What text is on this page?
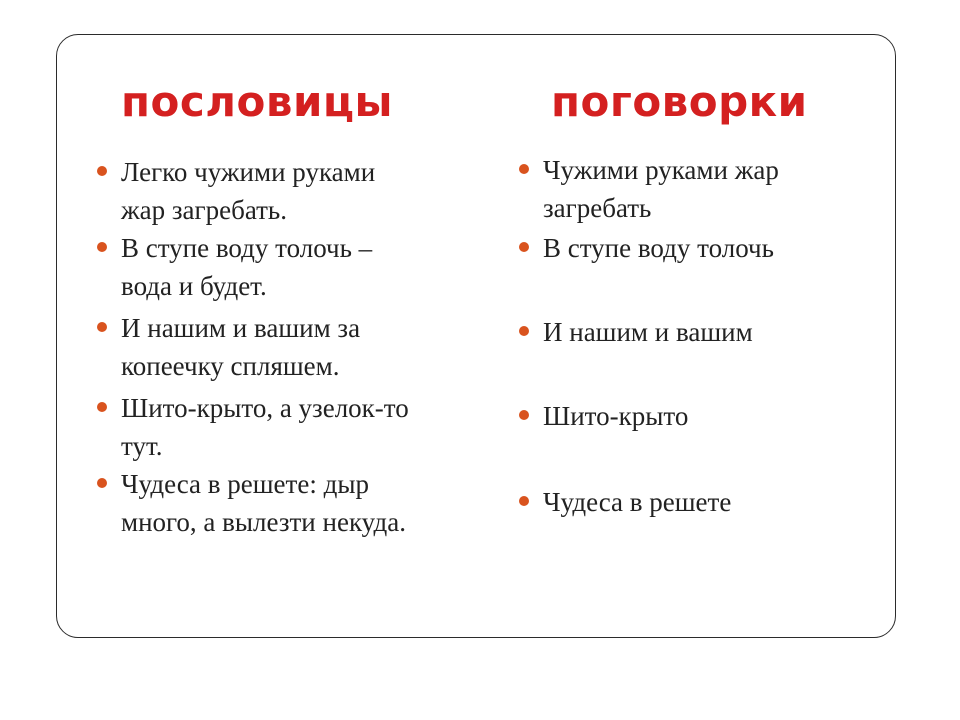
пословицы
Легко чужими руками
жар загребать.
В ступе воду толочь –
вода и будет.
И нашим и вашим за
копеечку спляшем.
Шито-крыто, а узелок-то
тут.
Чудеса в решете: дыр
много, а вылезти некуда.
поговорки
Чужими руками жар
загребать
В ступе воду толочь
И нашим и вашим
Шито-крыто
Чудеса в решете
